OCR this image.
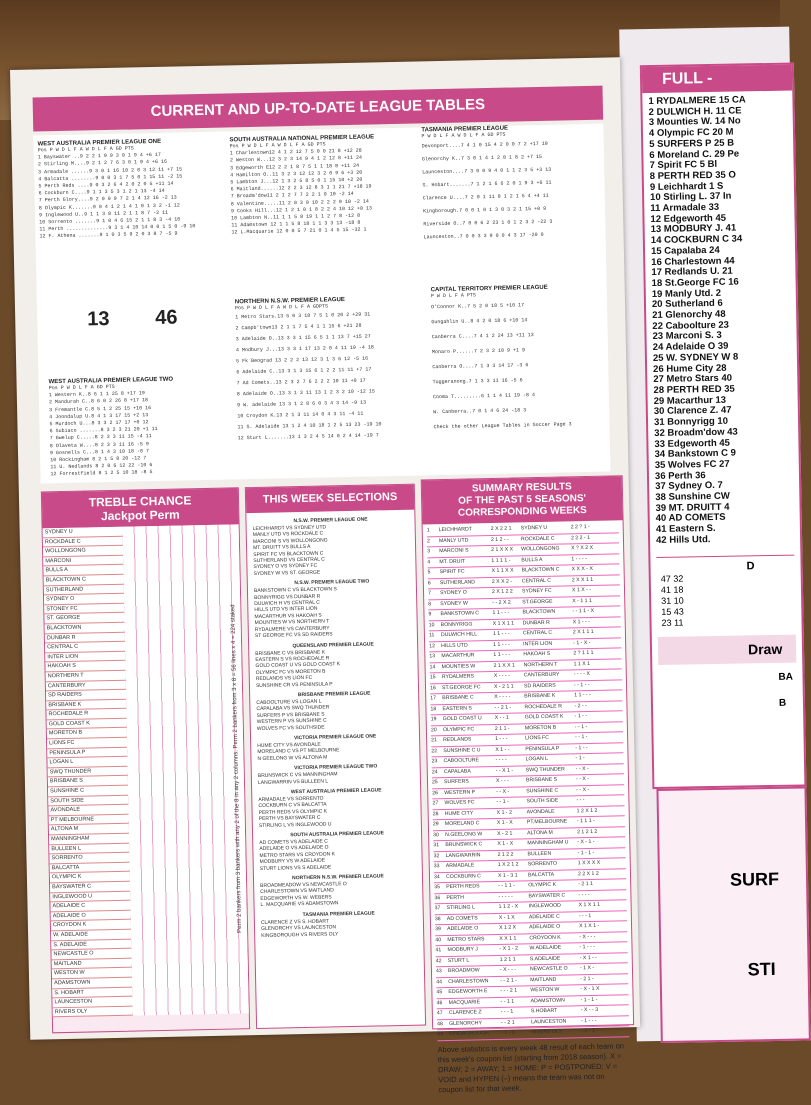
FULL -
1 RYDALMERE 15 CA
2 DULWICH H. 11 CE
3 Mounties W. 14 No
4 Olympic FC 20 M
5 SURFERS P 25 B
6 Moreland C. 29 Pe
7 Spirit FC 5 Bl
8 PERTH RED 35 O
9 Leichhardt 1 S
10 Stirling L. 37 In
11 Armadale 33
12 Edgeworth 45
13 MODBURY J. 41
14 COCKBURN C 34
15 Capalaba 24
16 Charlestown 44
17 Redlands U. 21
18 St.George FC 16
19 Manly Utd. 2
20 Sutherland 6
21 Glenorchy 48
22 Caboolture 23
23 Marconi S. 3
24 Adelaide O 39
25 W. SYDNEY W 8
26 Hume City 28
27 Metro Stars 40
28 PERTH RED 35
29 Macarthur 13
30 Clarence Z. 47
31 Bonnyrigg 10
32 Broadm'dow 43
33 Edgeworth 45
34 Bankstown C 9
35 Wolves FC 27
36 Perth 36
37 Sydney O. 7
38 Sunshine CW
39 MT. DRUITT 4
40 AD COMETS
41 Eastern S.
42 Hills Utd.
D
47 32
41 18
31 10
15 43
23 11
Draw
BA
B
SURF
STI
CURRENT AND UP-TO-DATE LEAGUE TABLES
WEST AUSTRALIA PREMIER LEAGUE ONE
Pos P W D L F A W D L F A GD PTS
1 Bayswater ..9 2 2 1 9 9 3 0 1 9 4 +6 17
2 Stirling M....9 2 1 2 7 6 3 0 1 9 4 +6 16
3 Armadale ......9 3 0 1 16 10 2 0 3 12 11 +7 15
4 Balcatta ........9 0 0 3 1 7 5 0 1 15 11 -2 15
5 Perth Reds ....9 0 3 2 6 4 2 0 2 0 5 +11 14
6 Cockburn C....9 1 1 3 5 3 1 2 1 13 -4 14
7 Perth Glory....9 2 0 0 9 7 2 1 4 12 16 -2 13
8 Olympic K.......9 0 4 1 2 1 4 1 0 1 3 2 -1 12
9 Inglewood U..9 1 1 3 8 11 2 1 1 8 7 -2 11
10 Sorrento .......9 1 0 4 6 15 2 1 1 8 3 -4 10
11 Perth ..............9 3 1 4 10 14 0 0 1 5 0 -9 10
12 F. Athena .......9 1 0 3 5 9 2 0 3 8 7 -5 9
SOUTH AUSTRALIA NATIONAL PREMIER LEAGUE
Pos P W D L F A W D L F A GD PTS
1 Charlestown12 4 1 2 12 7 5 0 0 21 8 +12 28
2 Weston W...12 3 2 3 14 9 4 1 2 12 8 +11 24
3 Edgeworth E12 2 2 1 8 7 5 1 1 18 8 +11 24
4 Hamilton O..11 3 2 3 12 12 3 2 0 9 6 +3 20
5 Lambton J...12 1 3 2 5 8 5 0 1 15 10 +2 20
6 Maitland......12 2 2 3 12 8 3 1 1 21 7 +18 19
7 Broadm'dow11 2 1 2 7 7 2 2 1 9 10 -2 14
8 Valentine.....11 2 0 3 9 10 2 2 2 9 10 -2 14
9 Cooks Hill...12 1 2 1 0 1 8 2 2 4 10 12 +0 13
10 Lambton N..11 1 1 5 8 19 1 1 2 7 8 -12 8
11 Adamstown 12 1 1 5 8 18 1 1 3 3 13 -18 8
12 L.Macquarie 12 0 0 5 7 21 0 1 4 5 15 -32 1
TASMANIA PREMIER LEAGUE
P W D L F A W D L F A GD PTS
Devonport....7 4 1 0 15 4 2 0 0 7 2 +17 19
Glenorchy K..7 3 0 1 4 1 2 0 1 8 2 +7 15
Launceston....7 3 0 0 9 4 0 1 1 2 3 5 +3 13
S. Hobart.......7 1 2 1 6 6 2 0 1 9 3 +6 11
Clarence U....7 2 0 1 11 8 1 2 1 5 4 +4 11
Kingborough.7 0 0 1 0 1 3 0 3 2 1 15 +0 9
Riverside O..7 0 0 6 2 23 1 0 1 2 3 2 -22 3
Launceston..7 0 0 3 3 9 0 0 4 3 17 -20 0
13 46
NORTHERN N.S.W. PREMIER LEAGUE
Pos P W D L F A W D L F A GDPTS
1 Metro Stars.13 5 0 3 18 7 5 1 0 20 2 +29 31
2 Campb'town13 2 1 1 7 5 4 1 1 15 6 +21 28
3 Adelaide O..13 3 3 1 15 6 5 1 1 13 7 +15 27
4 Modbury J...13 3 3 1 17 13 2 0 4 11 19 -4 18
5 Fk Beograd 13 2 2 2 13 12 3 1 3 6 12 -5 16
6 Adelaide C..13 3 1 3 15 6 1 2 2 11 11 +7 17
7 Ad Comets..13 2 3 2 7 6 2 2 2 10 11 +0 17
8 Adelaide O..13 3 1 3 11 13 1 2 3 2 10 -12 15
9 W. adelaide 13 3 1 2 8 6 0 3 4 3 14 -9 13
10 Croydon K.13 2 1 3 11 14 0 4 3 11 -4 11
11 S. Adelaide 13 1 2 4 10 18 1 2 5 13 23 -19 10
12 Sturt L.......13 1 3 2 4 5 14 0 2 4 14 -19 7
CAPITAL TERRITORY PREMIER LEAGUE
P W D L F A PTS
O'Connor K..7 5 2 0 18 5 +10 17
Gungahlin U..8 4 2 0 18 6 +10 14
Canberra C....7 4 1 2 24 13 +11 13
Monaro P......7 2 3 2 10 9 +1 9
Canberra O....7 1 3 3 14 17 -3 6
Tuggeranong.7 1 3 3 11 16 -5 6
Cooma T.........6 1 1 4 11 19 -8 4
W. Canberra..7 0 1 4 6 24 -18 3
Check the other League Tables in Soccer Page 3
WEST AUSTRALIA PREMIER LEAGUE TWO
Pos P W D L F A GD PTS
1 Western K..8 6 1 1 25 8 +17 19
2 Mandurah C..8 6 0 2 26 8 +17 18
3 Fremantle C.8 5 1 2 25 15 +10 16
4 Joondalup U.8 4 1 3 17 15 +2 13
5 Murdoch U...8 3 3 2 17 17 +0 12
6 Subiaco .......8 3 2 3 21 20 +1 11
7 Gwelup C.....8 2 3 3 11 15 -4 11
8 Olaveta W....8 2 3 3 11 16 -5 9
9 Gosnells C...8 1 4 3 10 18 -8 7
10 Rockingham 8 2 1 5 8 20 -12 7
11 U. Nedlands 8 2 0 6 12 22 -10 6
12 Forrestfield 8 1 2 5 10 18 -8 5
TREBLE CHANCE
Jackpot Perm
SYDNEY U
ROCKDALE C
WOLLONGONG
MARCONI
BULLS A
BLACKTOWN C
SUTHERLAND
SYDNEY O
STONEY FC
ST. GEORGE
BLACKTOWN
DUNBAR R
CENTRAL C
INTER LION
HAKOAH S
NORTHERN T
CANTERBURY
SD RAIDERS
BRISBANE K
ROCHEDALE R
GOLD COAST K
MORETON B
LIONS FC
PENINSULA P
LOGAN L
SWQ THUNDER
BRISBANE S
SUNSHINE C
SOUTH SIDE
AVONDALE
PT MELBOURNE
ALTONA M
MANNINGHAM
BULLEEN L
SORRENTO
BALCATTA
OLYMPIC K
BAYSWATER C
INGLEWOOD U
ADELAIDE C
ADELAIDE O
CROYDON K
W. ADELAIDE
S. ADELAIDE
NEWCASTLE O
MAITLAND
WESTON W
ADAMSTOWN
S. HOBART
LAUNCESTON
RIVERS OLY
Perm 2 bankers from 3 bankers with any 2 of the 8 in any 2 columns. Perm 2 bankers from 3 x 8 = 56 lines x 4 = 224 staked
THIS WEEK SELECTIONS
N.S.W. PREMIER LEAGUE ONE
LEICHHARDT VS SYDNEY UTD
MANLY UTD VS ROCKDALE C
MARCONI S VS WOLLONGONG
MT. DRUITT VS BULLS A
SPIRIT FC VS BLACKTOWN C
SUTHERLAND VS CENTRAL C
SYDNEY O VS SYDNEY FC
SYDNEY W VS ST. GEORGE
N.S.W. PREMIER LEAGUE TWO
BANKSTOWN C VS BLACKTOWN S
BONNYRIGG VS DUNBAR R
DULWICH H VS CENTRAL C
HILLS UTD VS INTER LION
MACARTHUR VS HAKOAH S
MOUNTIES W VS NORTHERN T
RYDALMERE VS CANTERBURY
ST GEORGE FC VS SD RAIDERS
QUEENSLAND PREMIER LEAGUE
BRISBANE C VS BRISBANE K
EASTERN S VS ROCHEDALE R
GOLD COAST U VS GOLD COAST K
OLYMPIC FC VS MORETON B
REDLANDS VS LION FC
SUNSHINE CR VS PENINSULA P
BRISBANE PREMIER LEAGUE
CABOOLTURE VS LOGAN L
CAPALABA VS SWQ THUNDER
SURFERS P VS BRISBANE S
WESTERN P VS SUNSHINE C
WOLVES FC VS SOUTHSIDE
VICTORIA PREMIER LEAGUE ONE
HUME CITY VS AVONDALE
MORELAND C VS PT MELBOURNE
N GEELONG W VS ALTONA M
VICTORIA PREMIER LEAGUE TWO
BRUNSWICK C VS MANNINGHAM
LANGWARRIN VS BULLEEN L
WEST AUSTRALIA PREMIER LEAGUE
ARMADALE VS SORRENTO
COCKBURN C VS BALCATTA
PERTH REDS VS OLYMPIC K
PERTH VS BAYSWATER C
STIRLING L VS INGLEWOOD U
SOUTH AUSTRALIA PREMIER LEAGUE
AD COMETS VS ADELAIDE C
ADELAIDE O VS ADELAIDE O
METRO STARS VS CROYDON K
MODBURY VS W ADELAIDE
STURT LIONS VS S ADELAIDE
NORTHERN N.S.W. PREMIER LEAGUE
BROADMEADOW VS NEWCASTLE O
CHARLESTOWN VS MAITLAND
EDGEWORTH VS W. WEBERS
L. MACQUARIE VS ADAMSTOWN
TASMANIA PREMIER LEAGUE
CLARENCE Z VS S. HOBART
GLENORCHY VS LAUNCESTON
KINGBOROUGH VS RIVERS OLY
SUMMARY RESULTS
OF THE PAST 5 SEASONS'
CORRESPONDING WEEKS
1	LEICHHARDT	2 X 2 2 1	SYDNEY U	2 2 ? 1 -
2	MANLY UTD	2 1 2 - -	ROCKDALE C	2 2 2 - 1
3	MARCONI S	2 1 X X X	WOLLONGONG	X ? X 2 X
4	MT. DRUIT	1 1 1 1 -	BULLS A	1 - - - -
5	SPIRIT FC	X 1 1 X X	BLACKTOWN C	X X X - X
6	SUTHERLAND	2 X X 2 -	CENTRAL C	2 X X 1 1
7	SYDNEY O	2 X 1 2 2	SYDNEY FC	X 1 X - -
8	SYDNEY W	- - 2 X 2	ST.GEORGE	X - 1 1 1
9	BANKSTOWN C	1 1 - - -	BLACKTOWN	- - 1 1 - X
10	BONNYRIGG	X 1 X 1 1	DUNBAR R	X 1 - - -
11	DULWICH HILL	1 1 - - -	CENTRAL C	2 X 1 1 1
12	HILLS UTD	1 1 - - -	INTER LION	- 1 - X -
13	MACARTHUR	1 1 - - -	HAKOAH S	2 ? 1 1 1
14	MOUNTIES W	2 1 X X 1	NORTHERN T	1 1 X 1
15	RYDALMERS	X - - - -	CANTERBURY	- - - - X
16	ST.GEORGE FC	X - 2 1 1	SD RAIDERS	- - 1 - -
17	BRISBANE C	X - - - -	BRISBANE K	1 1 - - -
18	EASTERN S	- - 2 1 -	ROCHEDALE R	- 2 - -
19	GOLD COAST U	X - - 1	GOLD COAST K	- 1 - -
20	OLYMPIC FC	2 1 1 -	MORETON B	- - 1 -
21	REDLANDS	1 - - -	LIONS FC	- - 1 -
22	SUNSHINE C U	X 1 - -	PENINSULA P	- 1 - -
23	CABOOLTURE	- - - -	LOGAN L	- 1 -
24	CAPALABA	- - X 1 -	SWQ THUNDER	- - X -
25	SURFERS	X - - -	BRISBANE S	- - X -
26	WESTERN P	- - X -	SUNSHINE C	- - X -
27	WOLVES FC	- - 1 -	SOUTH SIDE	- - -
28	HUME CITY	X 1 - 2	AVONDALE	1 2 X 1 2
29	MORELAND C	X 1 - X	PT.MELBOURNE	- 1 1 1 -
30	N.GEELONG W	X - 2 1	ALTONA M	2 1 2 1 2
31	BRUNSWICK C	X 1 - X	MANNINGHAM U	- X - 1 -
32	LANGWARRIN	2 1 2 2	BULLEEN	- 1 - 1 -
33	ARMADALE	1 X 2 1 2	SORRENTO	1 X X X X
34	COCKBURN C	X 1 - 3 1	BALCATTA	2 2 X 1 2
35	PERTH REDS	- - 1 1 -	OLYMPIC K	- 2 1 1
36	PERTH	- - - - -	BAYSWATER C	- - - -
37	STIRLING L	1 1 2 - X	INGLEWOOD	X 1 X 1 1
38	AD COMETS	X - 1 X	ADELAIDE C	- - - 1
39	ADELAIDE O	X 1 2 X	ADELAIDE O	X 1 X 1 -
40	METRO STARS	X X 1 1	CROYDON K	- X - - -
41	MODBURY J	- X 1 - 2	W.ADELAIDE	- 1 - - -
42	STURT L	1 2 1 1	S.ADELAIDE	- X 1 - -
43	BROADMOW	- X - - -	NEWCASTLE O	- 1 X -
44	CHARLESTOWN	- - 2 1 -	MAITLAND	- 2 1 -
45	EDGEWORTH E	- - - 2 1	WESTON W	- X - 1 X
46	MACQUARIE	- - 1 1	ADAMSTOWN	- 1 - 1 -
47	CLARENCE Z	- - - 1	S.HOBART	- X - - 3
48	GLENORCHY	- - 2 1	LAUNCESTON	- 1 - - -
49	KINGBOROUGH	- 3 - 1	RIVERS OLY	- 2 - 1 -
Above statistics is every week 48 result of each team on this week's coupon list (starting from 2018 season). X = DRAW; 2 = AWAY; 1 = HOME; P = POSTPONED; V = VOID and HYPEN (–) means the team was not on coupon list for that week.
